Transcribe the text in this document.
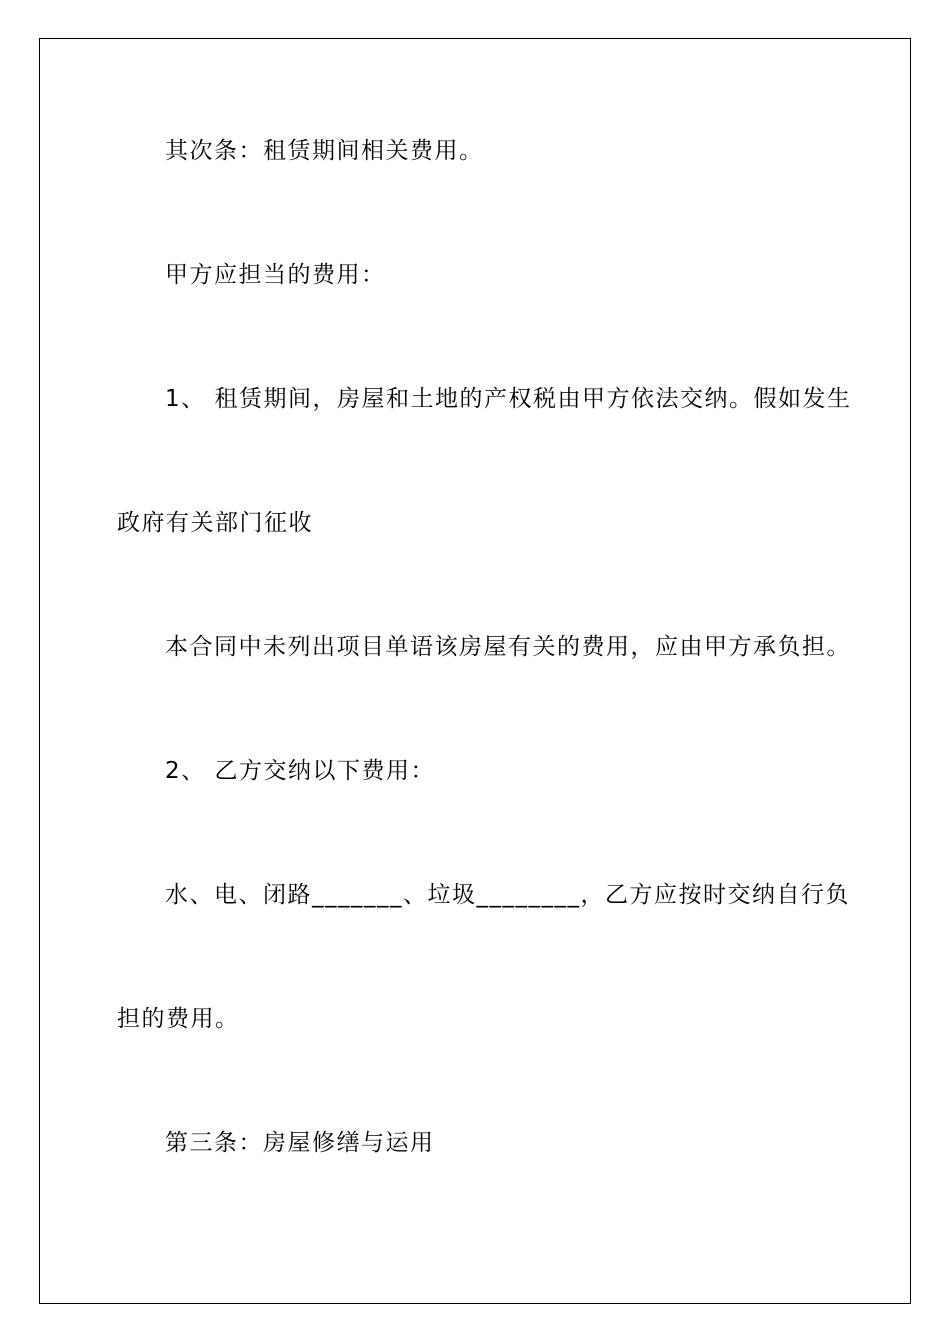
其次条：租赁期间相关费用。
甲方应担当的费用：
1、 租赁期间，房屋和土地的产权税由甲方依法交纳。假如发生
政府有关部门征收
本合同中未列出项目单语该房屋有关的费用，应由甲方承负担。
2、 乙方交纳以下费用：
水、电、闭路_______、垃圾________，乙方应按时交纳自行负
担的费用。
第三条：房屋修缮与运用
